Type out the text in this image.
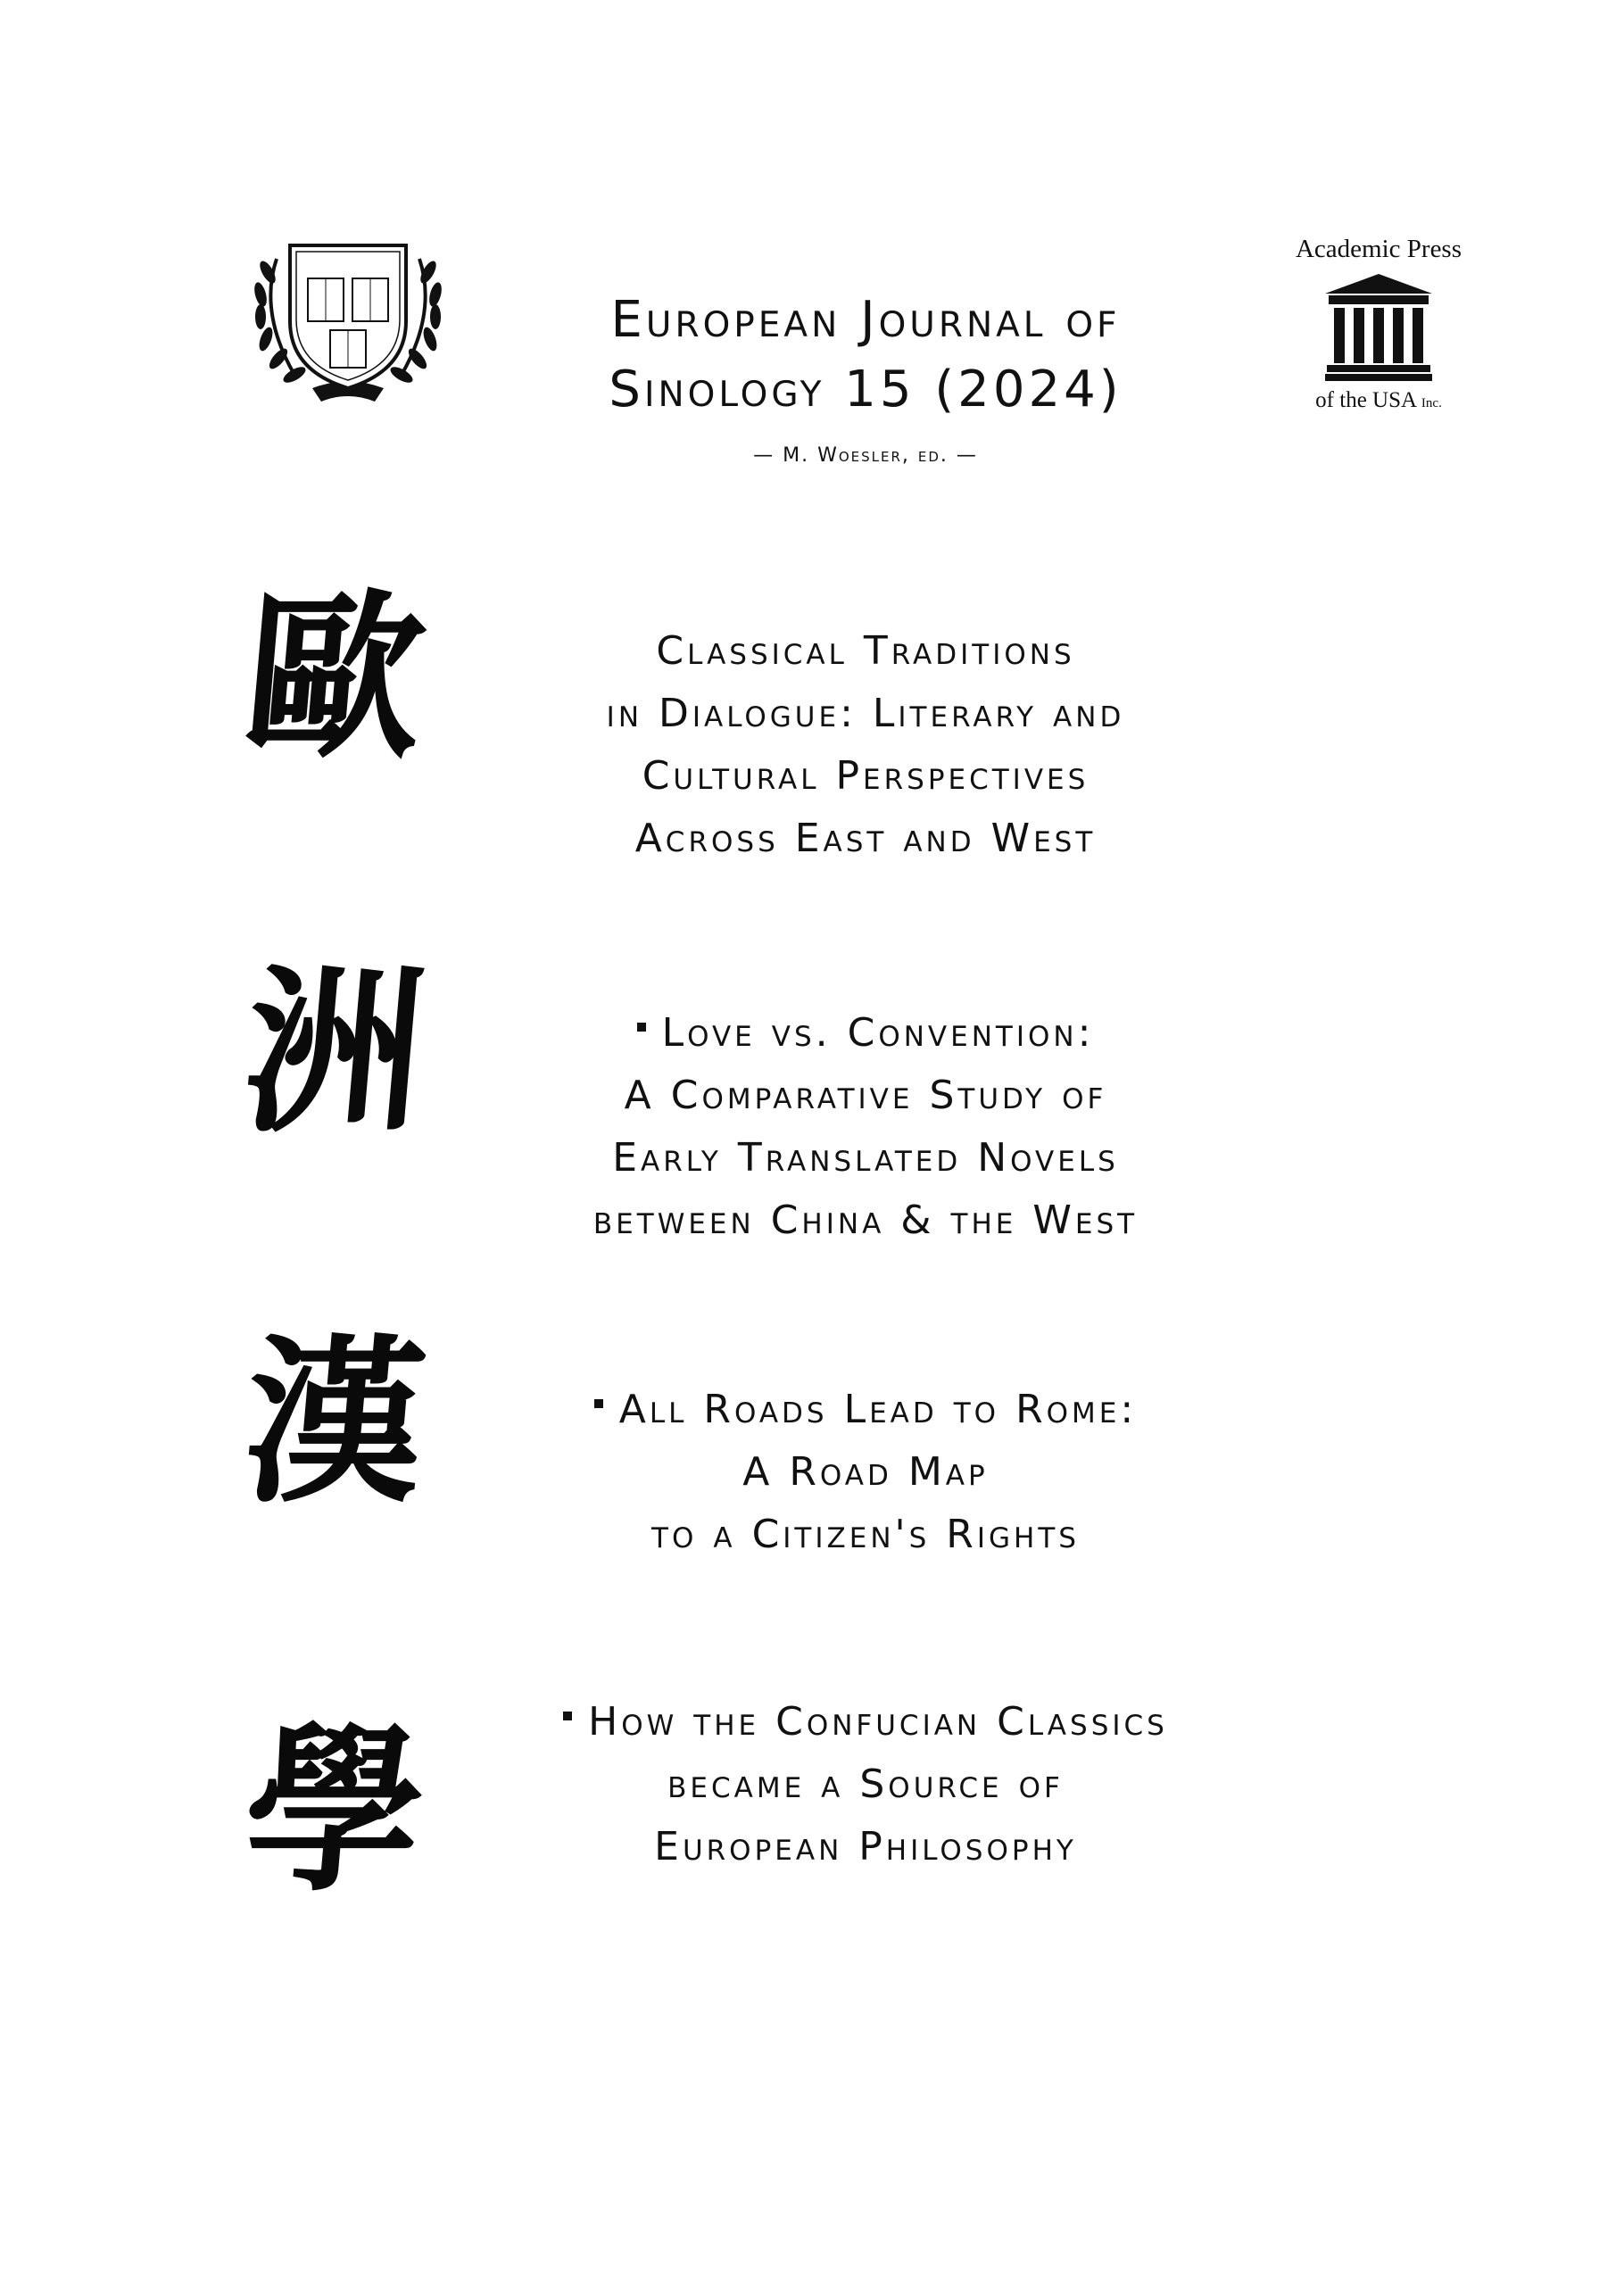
Academic Press
of the USA Inc.
European Journal of
Sinology 15 (2024)
— M. Woesler, ed. —
歐
洲
漢
學
Classical Traditions
in Dialogue: Literary and
Cultural Perspectives
Across East and West
Love vs. Convention:
A Comparative Study of
Early Translated Novels
between China & the West
All Roads Lead to Rome:
A Road Map
to a Citizen's Rights
How the Confucian Classics
became a Source of
European Philosophy
